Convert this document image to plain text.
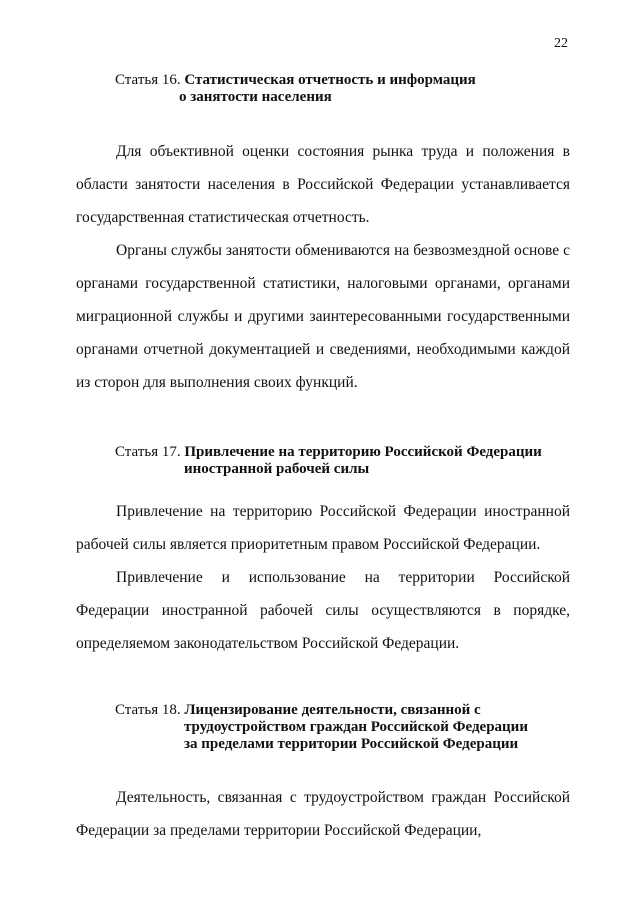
22
Статья 16. Статистическая отчетность и информация
о занятости населения
Для объективной оценки состояния рынка труда и положения в области занятости населения в Российской Федерации устанавливается государственная статистическая отчетность.
Органы службы занятости обмениваются на безвозмездной основе с органами государственной статистики, налоговыми органами, органами миграционной службы и другими заинтересованными государственными органами отчетной документацией и сведениями, необходимыми каждой из сторон для выполнения своих функций.
Статья 17. Привлечение на территорию Российской Федерации
иностранной рабочей силы
Привлечение на территорию Российской Федерации иностранной рабочей силы является приоритетным правом Российской Федерации.
Привлечение и использование на территории Российской Федерации иностранной рабочей силы осуществляются в порядке, определяемом законодательством Российской Федерации.
Статья 18. Лицензирование деятельности, связанной с
трудоустройством граждан Российской Федерации
за пределами территории Российской Федерации
Деятельность, связанная с трудоустройством граждан Российской Федерации за пределами территории Российской Федерации,
